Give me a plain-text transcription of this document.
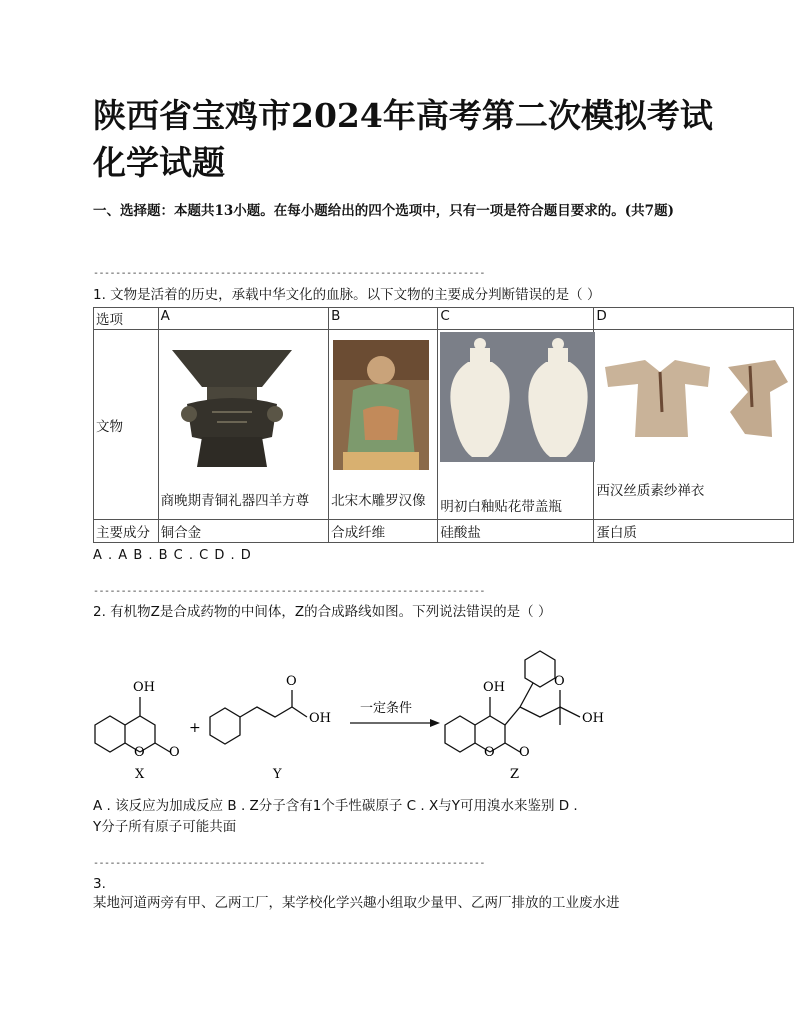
陕西省宝鸡市2024年高考第二次模拟考试化学试题
一、选择题：本题共13小题。在每小题给出的四个选项中，只有一项是符合题目要求的。(共7题)
-----------------------------------------------------------------------
1. 文物是活着的历史，承载中华文化的血脉。以下文物的主要成分判断错误的是（ ）
选项	A	B	C	D
文物	商晚期青铜礼器四羊方尊	北宋木雕罗汉像	明初白釉贴花带盖瓶	西汉丝质素纱禅衣

主要成分	铜合金	合成纤维	硅酸盐	蛋白质
A . A B . B C . C D . D
-----------------------------------------------------------------------
2. 有机物Z是合成药物的中间体，Z的合成路线如图。下列说法错误的是（ ）
OH
O O
X
+
O
OH
Y
一定条件
OH
O O
O
OH
Z
A . 该反应为加成反应 B . Z分子含有1个手性碳原子 C . X与Y可用溴水来鉴别 D .
Y分子所有原子可能共面
-----------------------------------------------------------------------
3.
某地河道两旁有甲、乙两工厂，某学校化学兴趣小组取少量甲、乙两厂排放的工业废水进
